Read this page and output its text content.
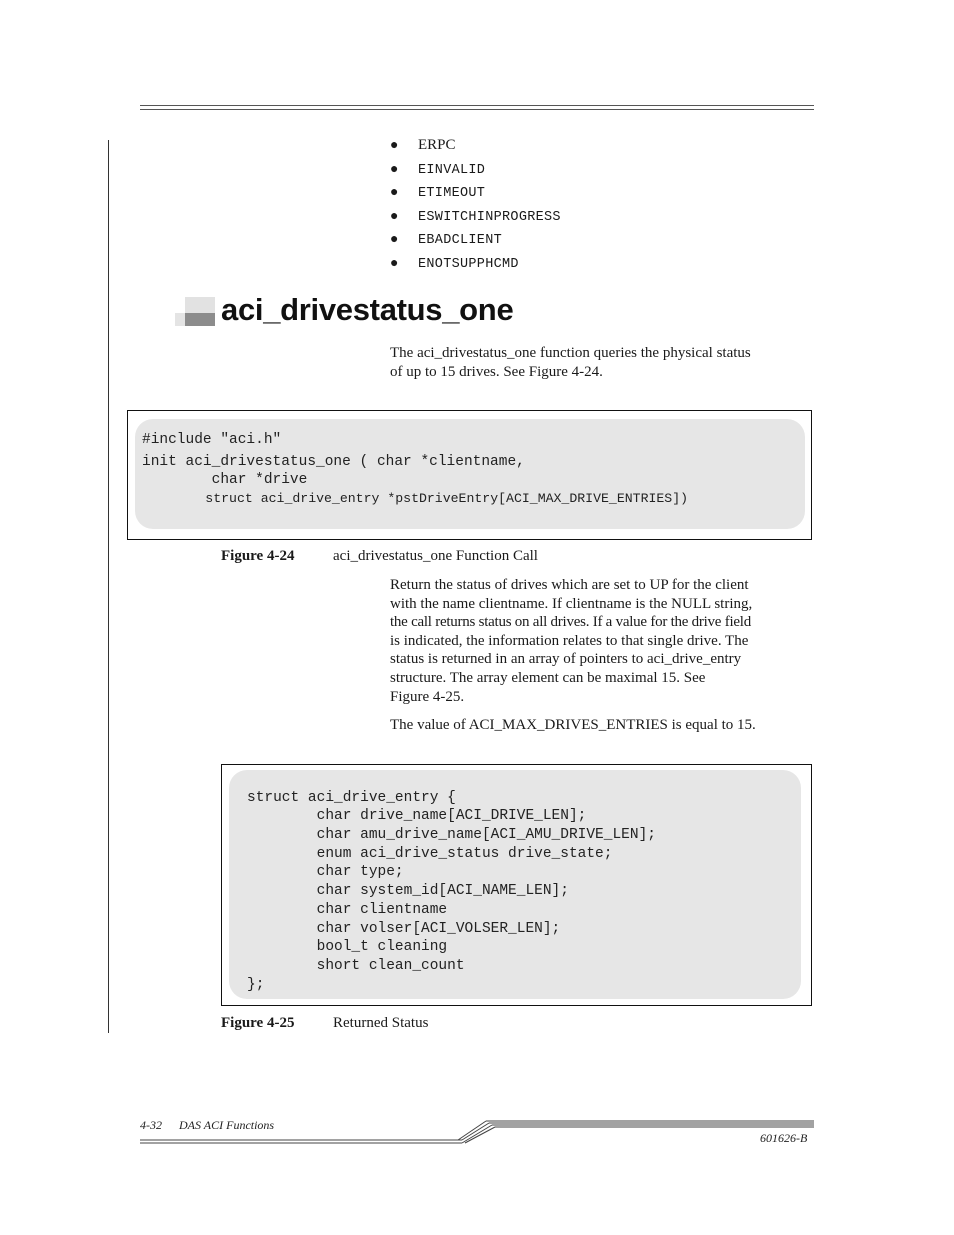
● ERPC
● EINVALID
● ETIMEOUT
● ESWITCHINPROGRESS
● EBADCLIENT
● ENOTSUPPHCMD
aci_drivestatus_one
The aci_drivestatus_one function queries the physical status
of up to 15 drives. See Figure 4-24.
#include "aci.h"
init aci_drivestatus_one ( char *clientname,
char *drive
struct aci_drive_entry *pstDriveEntry[ACI_MAX_DRIVE_ENTRIES])
Figure 4-24	aci_drivestatus_one Function Call
Return the status of drives which are set to UP for the client
with the name clientname. If clientname is the NULL string,
the call returns status on all drives. If a value for the drive field
is indicated, the information relates to that single drive. The
status is returned in an array of pointers to aci_drive_entry
structure. The array element can be maximal 15. See
Figure 4-25.
The value of ACI_MAX_DRIVES_ENTRIES is equal to 15.
struct aci_drive_entry {
char drive_name[ACI_DRIVE_LEN];
char amu_drive_name[ACI_AMU_DRIVE_LEN];
enum aci_drive_status drive_state;
char type;
char system_id[ACI_NAME_LEN];
char clientname
char volser[ACI_VOLSER_LEN];
bool_t cleaning
short clean_count
};
Figure 4-25	Returned Status
4-32 DAS ACI Functions
601626-B
